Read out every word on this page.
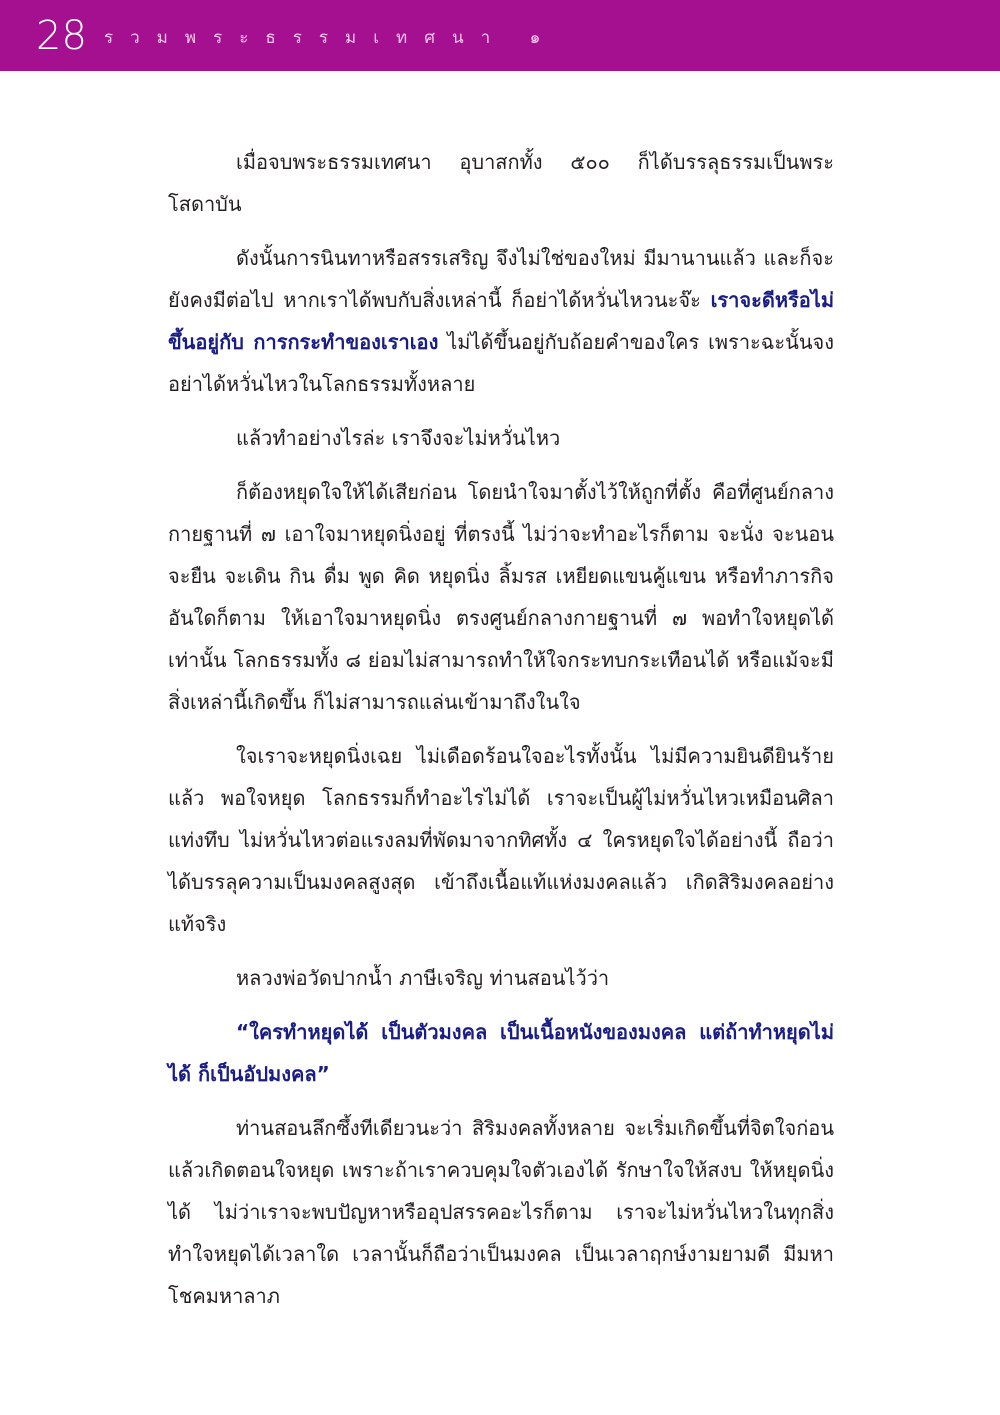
28 รวมพระธรรมเทศนา ๑

เมื่อจบพระธรรมเทศนา อุบาสกทั้ง ๕๐๐ ก็ได้บรรลุธรรมเป็นพระโสดาบัน

ดังนั้นการนินทาหรือสรรเสริญ จึงไม่ใช่ของใหม่ มีมานานแล้ว และก็จะยังคงมีต่อไป หากเราได้พบกับสิ่งเหล่านี้ ก็อย่าได้หวั่นไหวนะจ๊ะ เราจะดีหรือไม่ ขึ้นอยู่กับ การกระทำของเราเอง ไม่ได้ขึ้นอยู่กับถ้อยคำของใคร เพราะฉะนั้นจงอย่าได้หวั่นไหวในโลกธรรมทั้งหลาย

แล้วทำอย่างไรล่ะ เราจึงจะไม่หวั่นไหว

ก็ต้องหยุดใจให้ได้เสียก่อน โดยนำใจมาตั้งไว้ให้ถูกที่ตั้ง คือที่ศูนย์กลางกายฐานที่ ๗ เอาใจมาหยุดนิ่งอยู่ ที่ตรงนี้ ไม่ว่าจะทำอะไรก็ตาม จะนั่ง จะนอน จะยืน จะเดิน กิน ดื่ม พูด คิด หยุดนิ่ง ลิ้มรส เหยียดแขนคู้แขน หรือทำภารกิจอันใดก็ตาม ให้เอาใจมาหยุดนิ่ง ตรงศูนย์กลางกายฐานที่ ๗ พอทำใจหยุดได้เท่านั้น โลกธรรมทั้ง ๘ ย่อมไม่สามารถทำให้ใจกระทบกระเทือนได้ หรือแม้จะมีสิ่งเหล่านี้เกิดขึ้น ก็ไม่สามารถแล่นเข้ามาถึงในใจ

ใจเราจะหยุดนิ่งเฉย ไม่เดือดร้อนใจอะไรทั้งนั้น ไม่มีความยินดียินร้ายแล้ว พอใจหยุด โลกธรรมก็ทำอะไรไม่ได้ เราจะเป็นผู้ไม่หวั่นไหวเหมือนศิลาแท่งทึบ ไม่หวั่นไหวต่อแรงลมที่พัดมาจากทิศทั้ง ๔ ใครหยุดใจได้อย่างนี้ ถือว่าได้บรรลุความเป็นมงคลสูงสุด เข้าถึงเนื้อแท้แห่งมงคลแล้ว เกิดสิริมงคลอย่างแท้จริง

หลวงพ่อวัดปากน้ำ ภาษีเจริญ ท่านสอนไว้ว่า

“ใครทำหยุดได้ เป็นตัวมงคล เป็นเนื้อหนังของมงคล แต่ถ้าทำหยุดไม่ได้ ก็เป็นอัปมงคล”

ท่านสอนลึกซึ้งทีเดียวนะว่า สิริมงคลทั้งหลาย จะเริ่มเกิดขึ้นที่จิตใจก่อน แล้วเกิดตอนใจหยุด เพราะถ้าเราควบคุมใจตัวเองได้ รักษาใจให้สงบ ให้หยุดนิ่งได้ ไม่ว่าเราจะพบปัญหาหรืออุปสรรคอะไรก็ตาม เราจะไม่หวั่นไหวในทุกสิ่ง ทำใจหยุดได้เวลาใด เวลานั้นก็ถือว่าเป็นมงคล เป็นเวลาฤกษ์งามยามดี มีมหาโชคมหาลาภ
